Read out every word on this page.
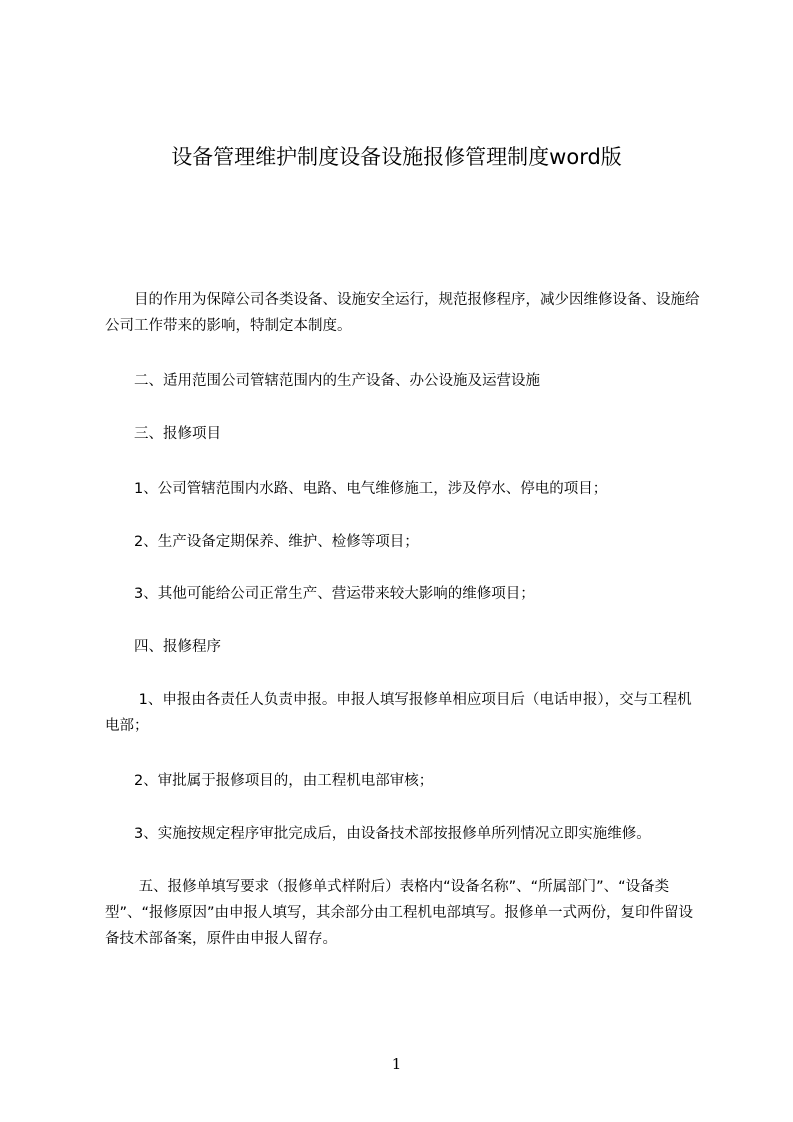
设备管理维护制度设备设施报修管理制度word版

　　目的作用为保障公司各类设备、设施安全运行，规范报修程序，减少因维修设备、设施给公司工作带来的影响，特制定本制度。

　　二、适用范围公司管辖范围内的生产设备、办公设施及运营设施

　　三、报修项目

　　1、公司管辖范围内水路、电路、电气维修施工，涉及停水、停电的项目；

　　2、生产设备定期保养、维护、检修等项目；

　　3、其他可能给公司正常生产、营运带来较大影响的维修项目；

　　四、报修程序

　　 1、申报由各责任人负责申报。申报人填写报修单相应项目后（电话申报），交与工程机电部；

　　2、审批属于报修项目的，由工程机电部审核；

　　3、实施按规定程序审批完成后，由设备技术部按报修单所列情况立即实施维修。

　　 五、报修单填写要求（报修单式样附后）表格内“设备名称”、“所属部门”、“设备类型”、“报修原因”由申报人填写，其余部分由工程机电部填写。报修单一式两份，复印件留设备技术部备案，原件由申报人留存。

1
